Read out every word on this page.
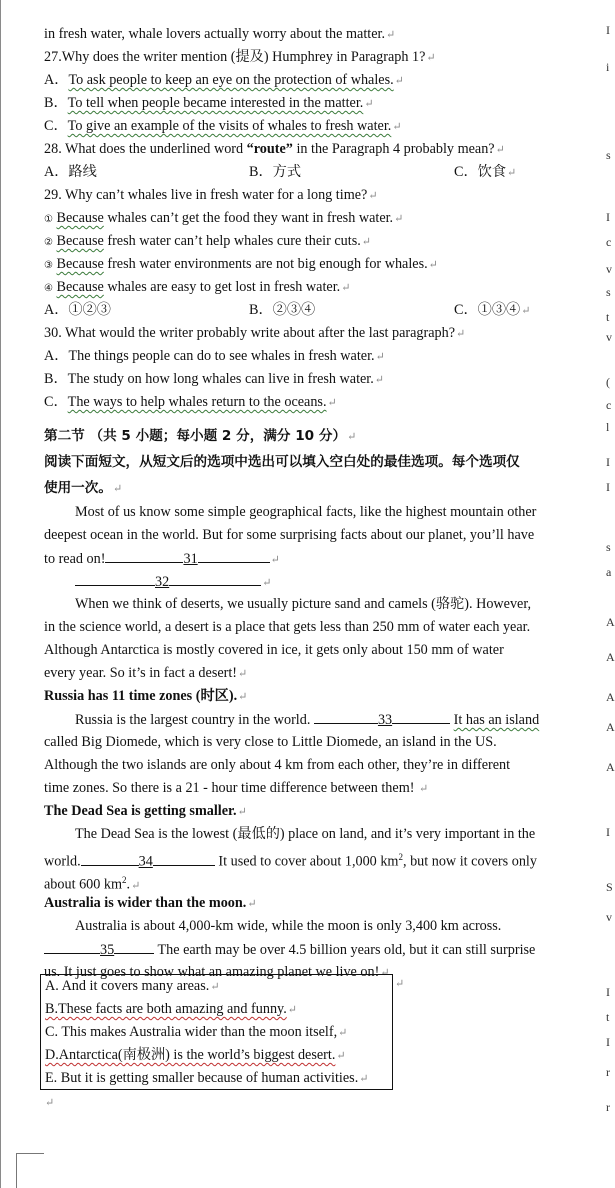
I
i
s
I
c
v
s
t
v
(
c
l
I
I
s
a
A
A
A
A
A
I
S
v
I
t
I
r
r
in fresh water, whale lovers actually worry about the matter.↵
27.Why does the writer mention (提及) Humphrey in Paragraph 1?↵
A．To ask people to keep an eye on the protection of whales.↵
B．To tell when people became interested in the matter.↵
C．To give an example of the visits of whales to fresh water.↵
28. What does the underlined word “route” in the Paragraph 4 probably mean?↵
A．路线	B．方式	C．饮食↵
29. Why can’t whales live in fresh water for a long time?↵
① Because whales can’t get the food they want in fresh water.↵
② Because fresh water can’t help whales cure their cuts.↵
③ Because fresh water environments are not big enough for whales.↵
④ Because whales are easy to get lost in fresh water.↵
A．①②③	B．②③④	C．①③④↵
30. What would the writer probably write about after the last paragraph?↵
A．The things people can do to see whales in fresh water.↵
B．The study on how long whales can live in fresh water.↵
C．The ways to help whales return to the oceans.↵
第二节 （共 5 小题；每小题 2 分，满分 10 分）↵
阅读下面短文，从短文后的选项中选出可以填入空白处的最佳选项。每个选项仅
使用一次。↵
Most of us know some simple geographical facts, like the highest mountain other
deepest ocean in the world. But for some surprising facts about our planet, you’ll have
to read on!	31	↵
32	↵
When we think of deserts, we usually picture sand and camels (骆驼). However,
in the science world, a desert is a place that gets less than 250 mm of water each year.
Although Antarctica is mostly covered in ice, it gets only about 150 mm of water
every year. So it’s in fact a desert!↵
Russia has 11 time zones (时区).↵
Russia is the largest country in the world.	33	It has an island
called Big Diomede, which is very close to Little Diomede, an island in the US.
Although the two islands are only about 4 km from each other, they’re in different
time zones. So there is a 21 - hour time difference between them! ↵
The Dead Sea is getting smaller.↵
The Dead Sea is the lowest (最低的) place on land, and it’s very important in the
world.	34	It used to cover about 1,000 $km^2$, but now it covers only
about 600 $km^2.↵$
Australia is wider than the moon.↵
Australia is about 4,000-km wide, while the moon is only 3,400 km across.
35	The earth may be over 4.5 billion years old, but it can still surprise
us. It just goes to show what an amazing planet we live on!↵
A. And it covers many areas.↵
B.These facts are both amazing and funny.↵
C. This makes Australia wider than the moon itself,↵
D.Antarctica(南极洲) is the world’s biggest desert.↵
E. But it is getting smaller because of human activities.↵
↵
↵
